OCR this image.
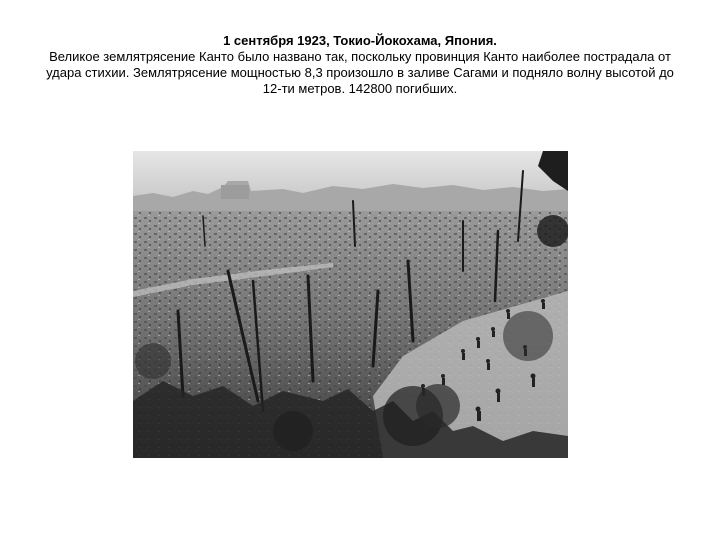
1 сентября 1923, Токио-Йокохама, Япония.
Великое землятрясение Канто было названо так, поскольку провинция Канто наиболее пострадала от удара стихии. Землятрясение мощностью 8,3 произошло в заливе Сагами и подняло волну высотой до 12-ти метров. 142800 погибших.
